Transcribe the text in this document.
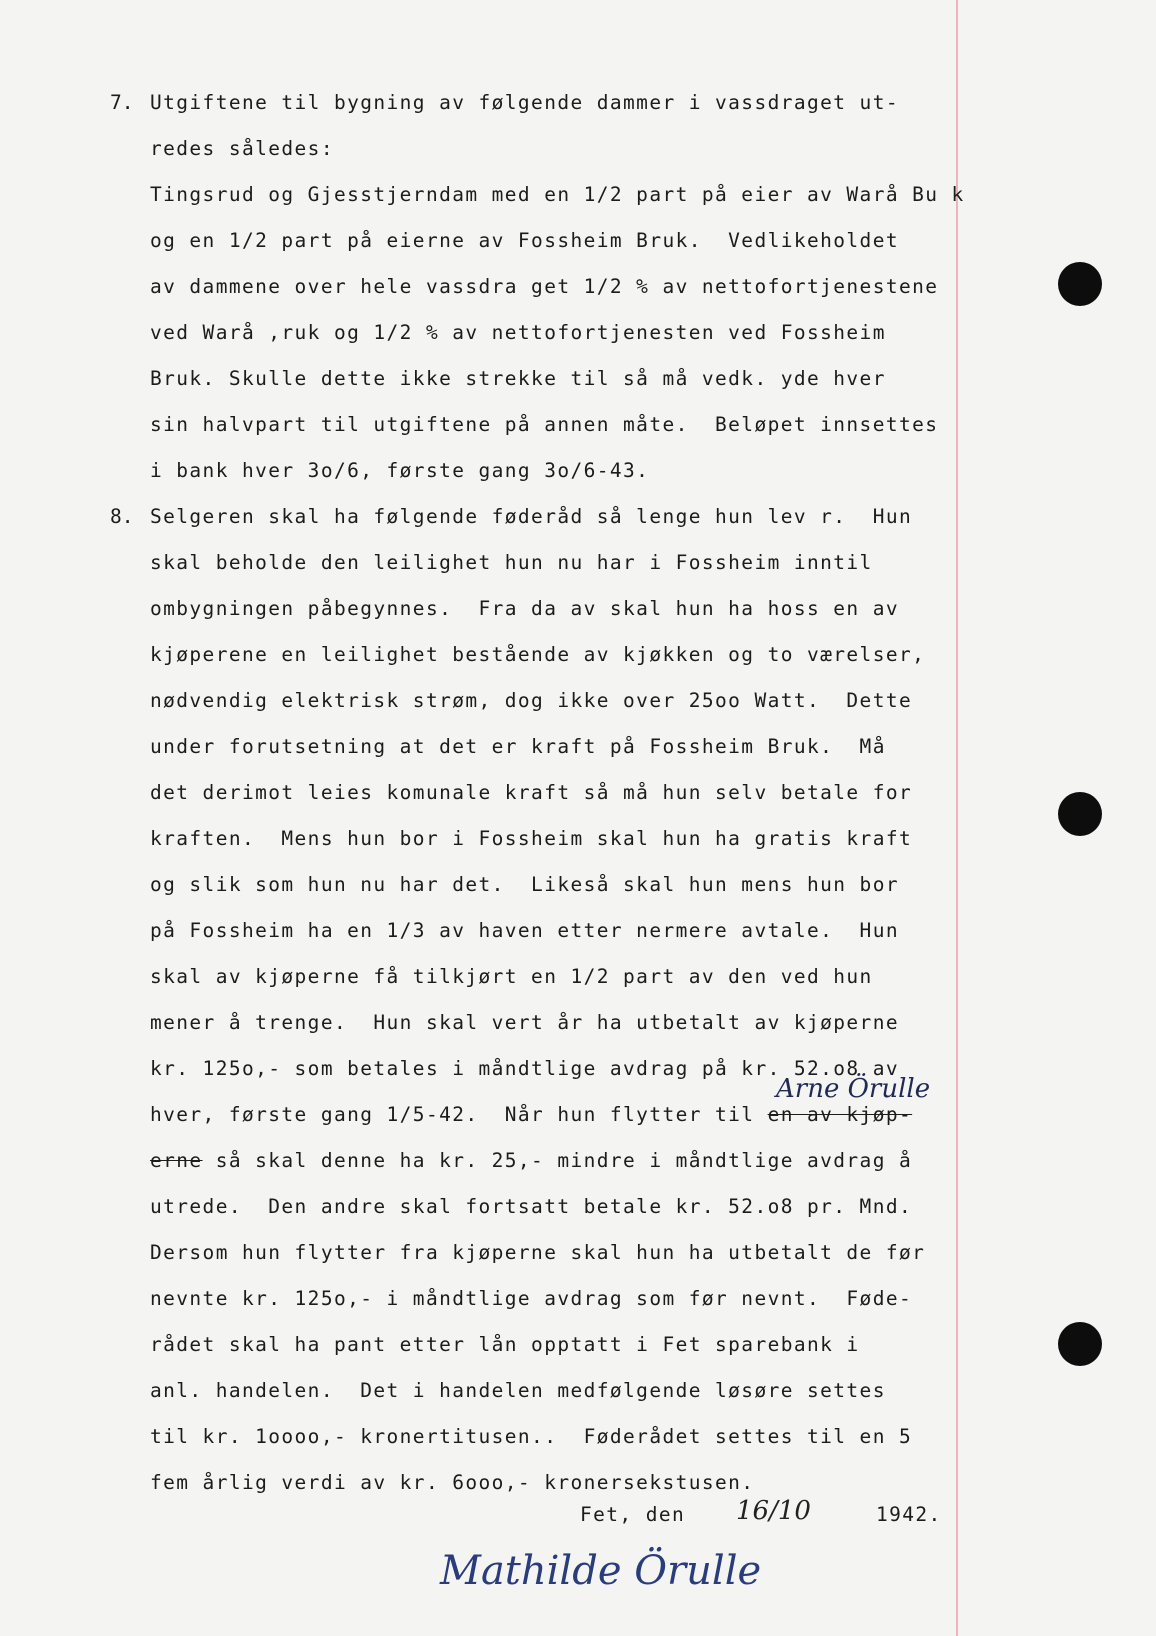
7. Utgiftene til bygning av følgende dammer i vassdraget ut-
redes således:
Tingsrud og Gjesstjerndam med en 1/2 part på eier av Warå Bu k
og en 1/2 part på eierne av Fossheim Bruk.  Vedlikeholdet
av dammene over hele vassdra get 1/2 % av nettofortjenestene
ved Warå ,ruk og 1/2 % av nettofortjenesten ved Fossheim
Bruk. Skulle dette ikke strekke til så må vedk. yde hver
sin halvpart til utgiftene på annen måte.  Beløpet innsettes
i bank hver 3o/6, første gang 3o/6-43.
8. Selgeren skal ha følgende føderåd så lenge hun lev r.  Hun
skal beholde den leilighet hun nu har i Fossheim inntil
ombygningen påbegynnes.  Fra da av skal hun ha hoss en av
kjøperene en leilighet bestående av kjøkken og to værelser,
nødvendig elektrisk strøm, dog ikke over 25oo Watt.  Dette
under forutsetning at det er kraft på Fossheim Bruk.  Må
det derimot leies komunale kraft så må hun selv betale for
kraften.  Mens hun bor i Fossheim skal hun ha gratis kraft
og slik som hun nu har det.  Likeså skal hun mens hun bor
på Fossheim ha en 1/3 av haven etter nermere avtale.  Hun
skal av kjøperne få tilkjørt en 1/2 part av den ved hun
mener å trenge.  Hun skal vert år ha utbetalt av kjøperne
kr. 125o,- som betales i måndtlige avdrag på kr. 52.o8 av
hver, første gang 1/5-42.  Når hun flytter til en av kjøp-
erne så skal denne ha kr. 25,- mindre i måndtlige avdrag å
utrede.  Den andre skal fortsatt betale kr. 52.o8 pr. Mnd.
Dersom hun flytter fra kjøperne skal hun ha utbetalt de før
nevnte kr. 125o,- i måndtlige avdrag som før nevnt.  Føde-
rådet skal ha pant etter lån opptatt i Fet sparebank i
anl. handelen.  Det i handelen medfølgende løsøre settes
til kr. 1oooo,- kronertitusen..  Føderådet settes til en 5
fem årlig verdi av kr. 6ooo,- kronersekstusen.
Arne Örulle
Fet, den 16/10	1942.
Mathilde Örulle
